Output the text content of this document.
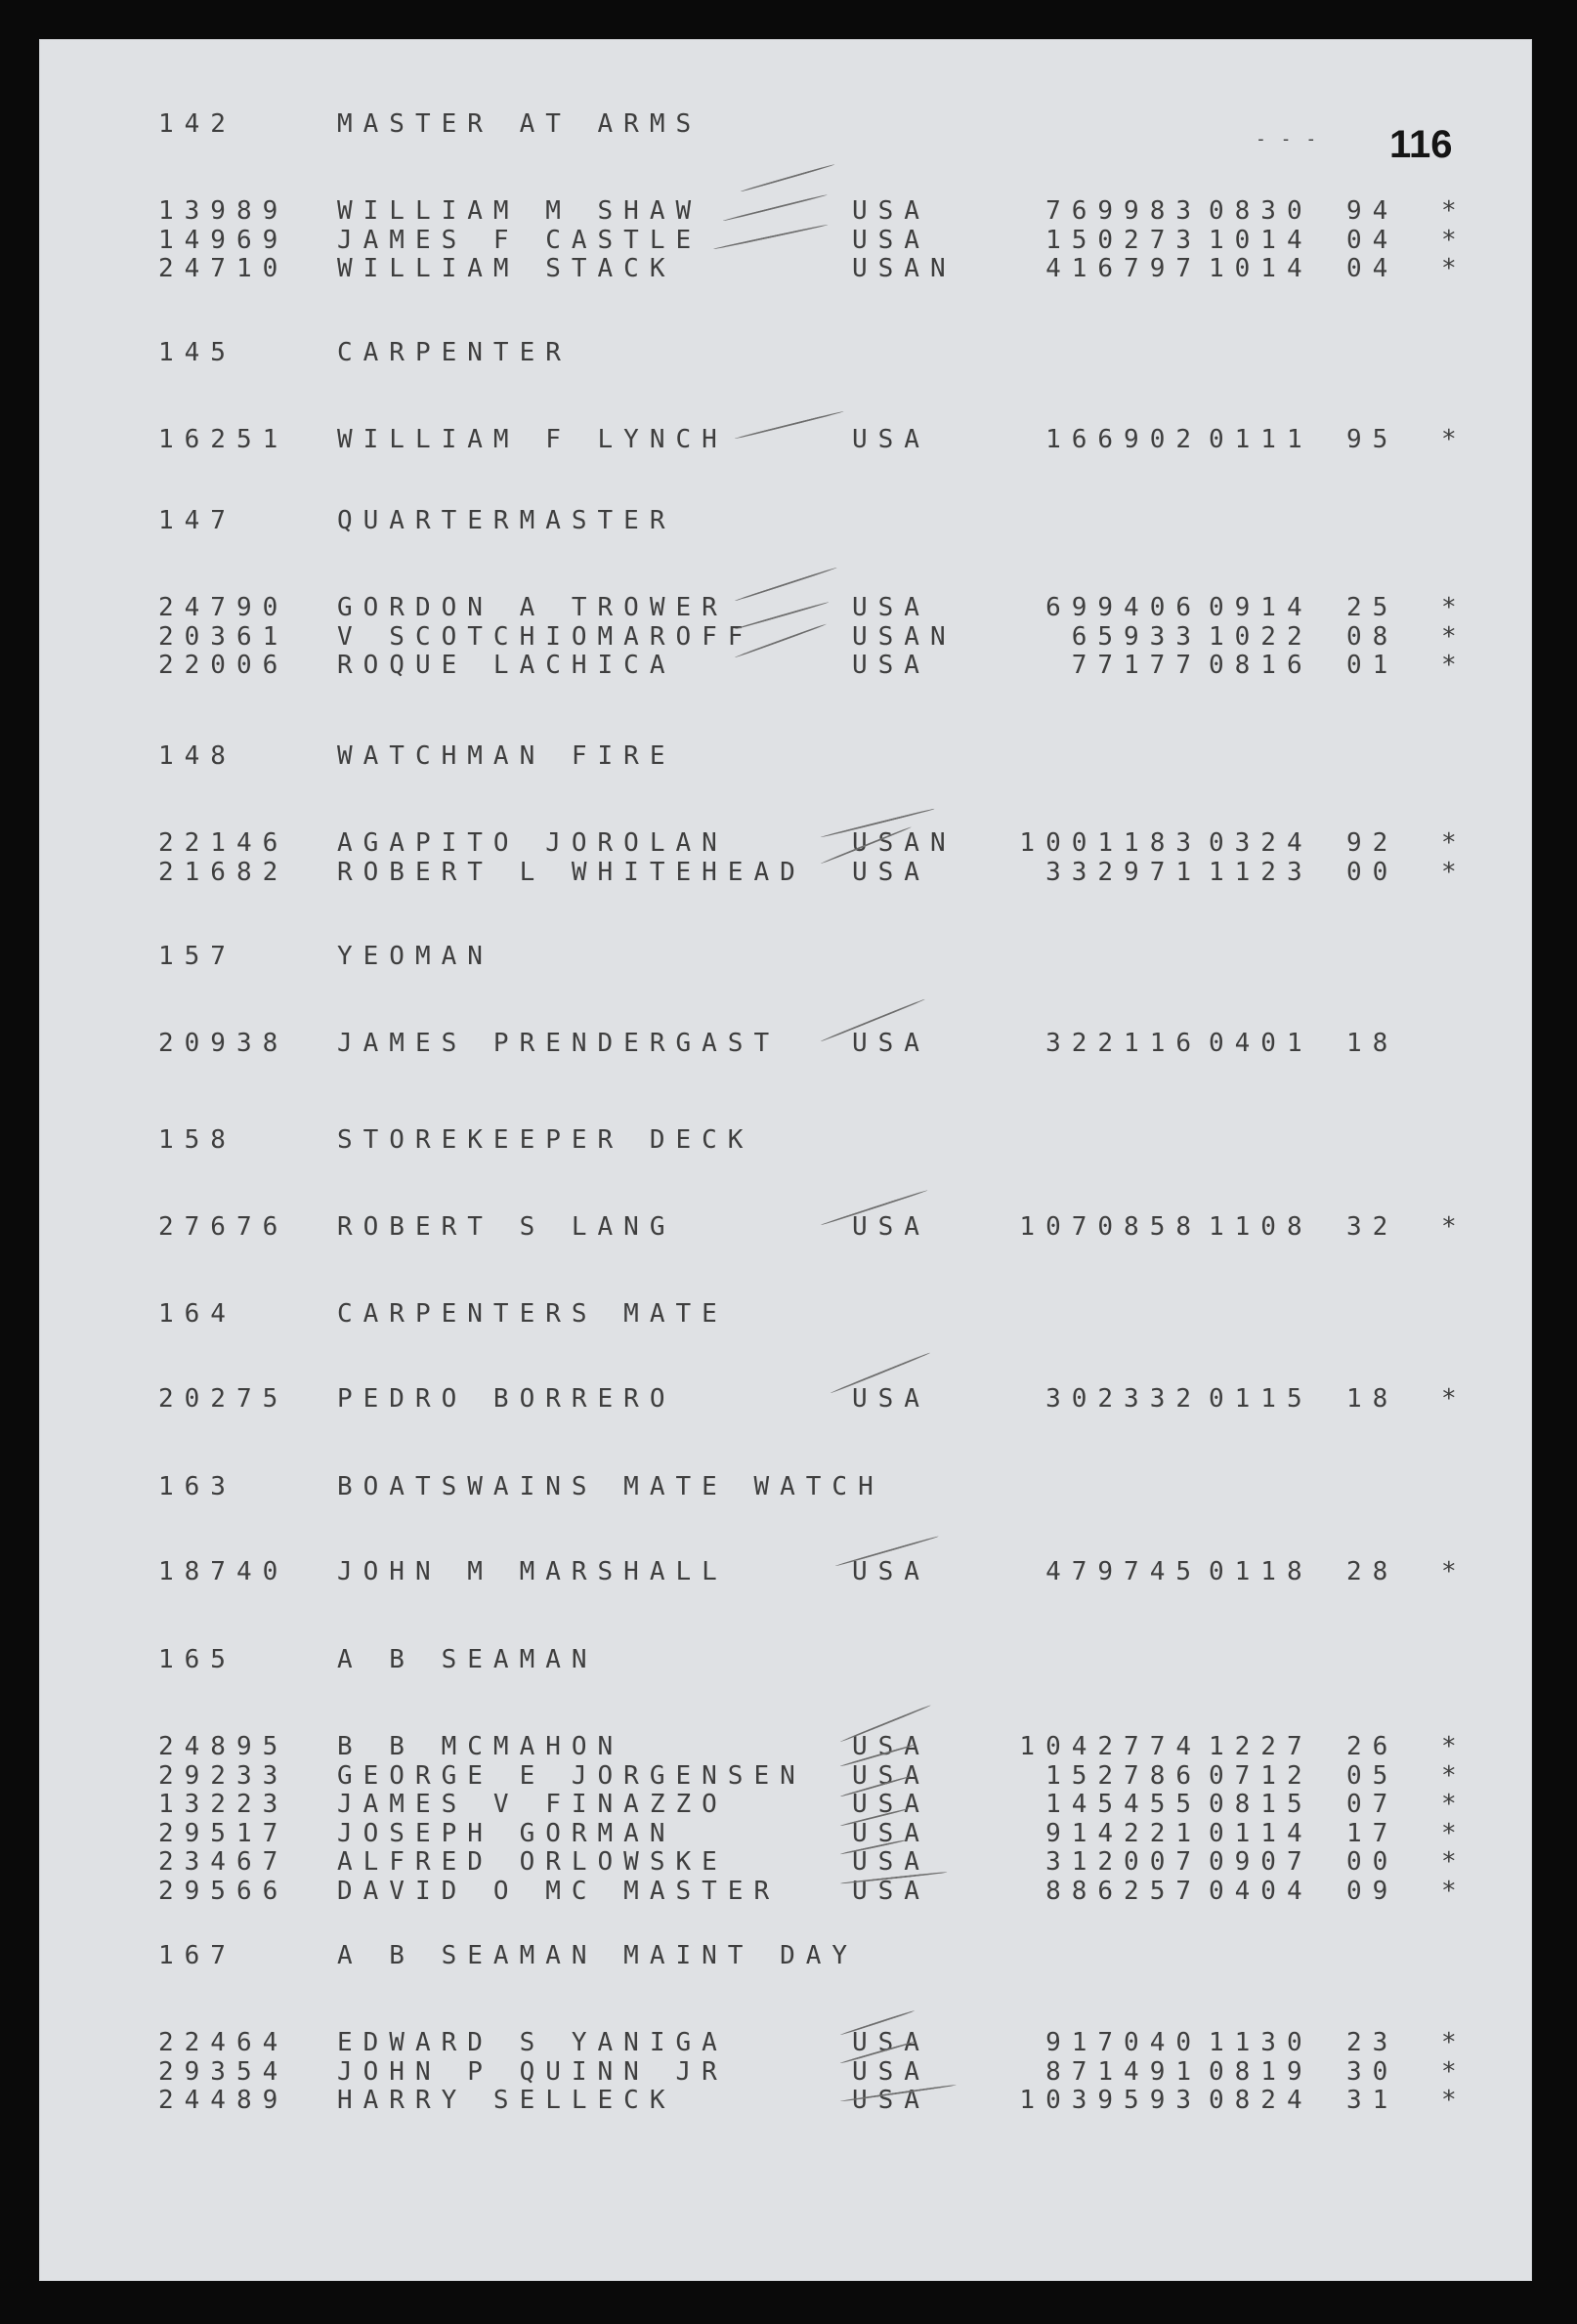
116
- - -
142	MASTER AT ARMS
13989 WILLIAM M SHAW	USA	769983 0830 94 *
14969 JAMES F CASTLE	USA	150273 1014 04 *
24710 WILLIAM STACK	USAN	416797 1014 04 *
145	CARPENTER
16251 WILLIAM F LYNCH	USA	166902 0111 95 *
147	QUARTERMASTER
24790 GORDON A TROWER	USA	699406 0914 25 *
20361 V SCOTCHIOMAROFF	USAN	65933 1022 08 *
22006 ROQUE LACHICA	USA	77177 0816 01 *
148	WATCHMAN FIRE
22146 AGAPITO JOROLAN	USAN	1001183 0324 92 *
21682 ROBERT L WHITEHEAD USA	332971 1123 00 *
157	YEOMAN
20938 JAMES PRENDERGAST	USA	322116 0401 18
158	STOREKEEPER DECK
27676 ROBERT S LANG	USA	1070858 1108 32 *
164	CARPENTERS MATE
20275 PEDRO BORRERO	USA	302332 0115 18 *
163	BOATSWAINS MATE WATCH
18740 JOHN M MARSHALL	USA	479745 0118 28 *
165	A B SEAMAN
24895 B B MCMAHON	USA	1042774 1227 26 *
29233 GEORGE E JORGENSEN USA	152786 0712 05 *
13223 JAMES V FINAZZO	USA	145455 0815 07 *
29517 JOSEPH GORMAN	USA	914221 0114 17 *
23467 ALFRED ORLOWSKE	USA	312007 0907 00 *
29566 DAVID O MC MASTER	USA	886257 0404 09 *
167	A B SEAMAN MAINT DAY
22464 EDWARD S YANIGA	USA	917040 1130 23 *
29354 JOHN P QUINN JR	USA	871491 0819 30 *
24489 HARRY SELLECK	USA	1039593 0824 31 *
